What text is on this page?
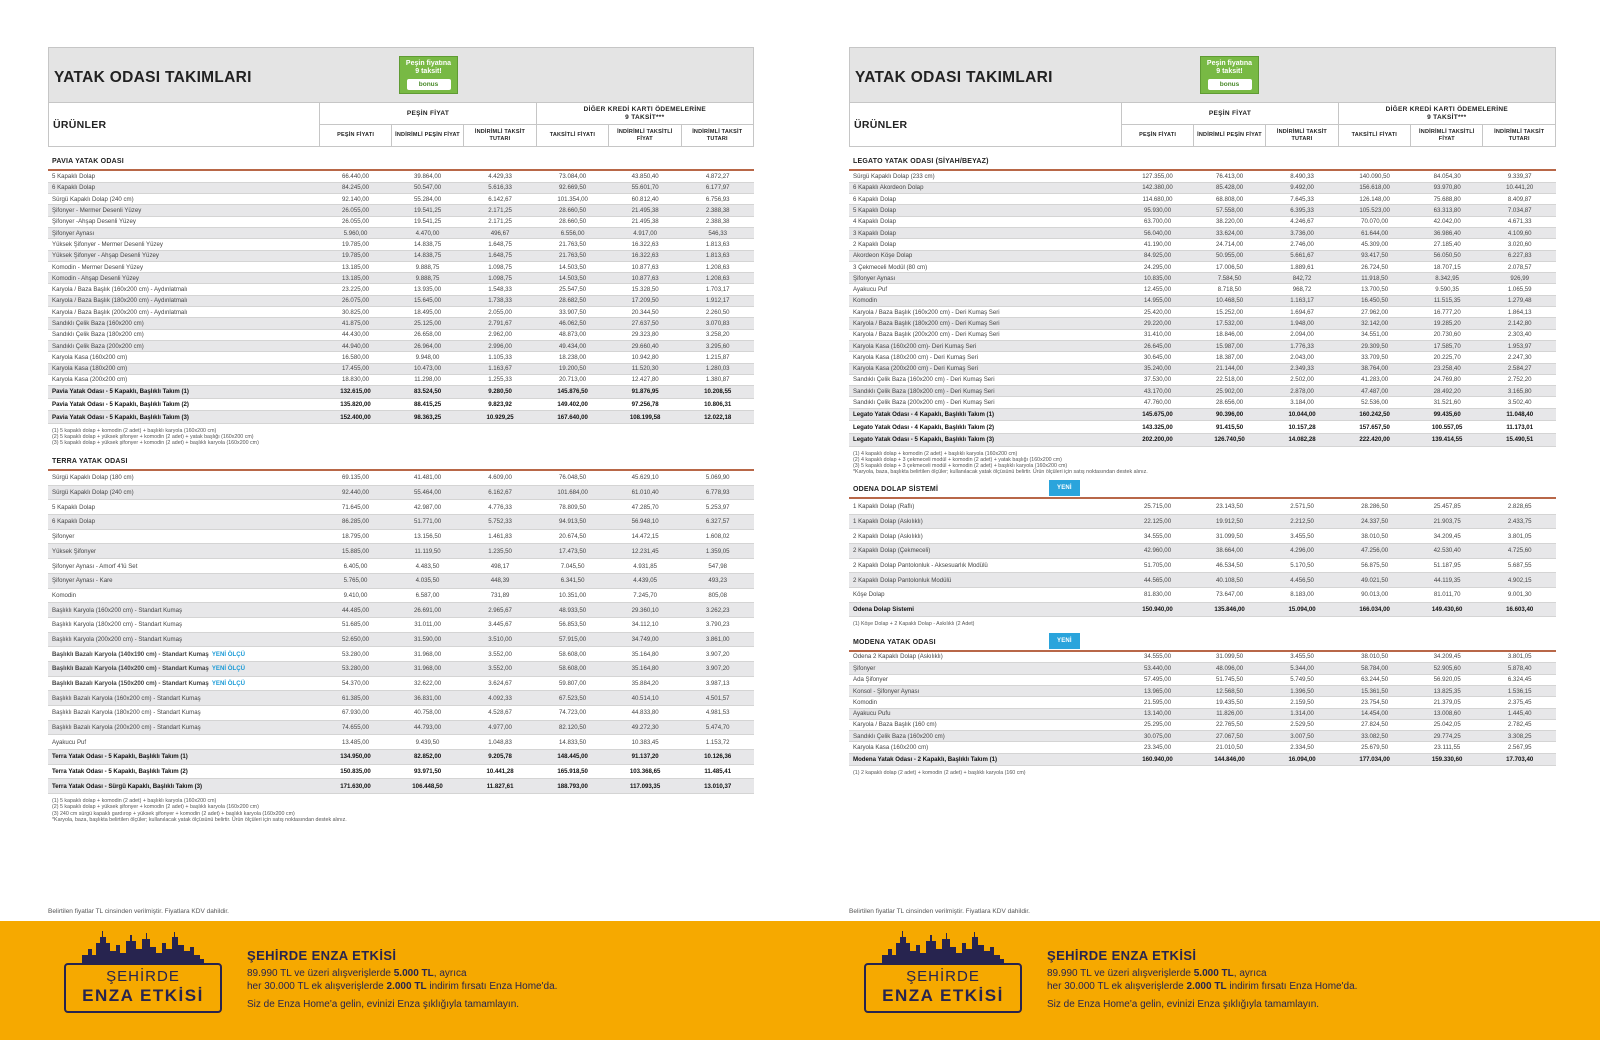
YATAK ODASI TAKIMLARI
Peşin fiyatına
9 taksit!
bonus
ÜRÜNLER	PEŞİN FİYAT			DİĞER KREDİ KARTI ÖDEMELERİNE
9 TAKSİT***		
	PEŞİN FİYATI	İNDİRİMLİ PEŞİN FİYAT	İNDİRİMLİ TAKSİT TUTARI	TAKSİTLİ FİYATI	İNDİRİMLİ TAKSİTLİ FİYAT	İNDİRİMLİ TAKSİT TUTARI
PAVIA YATAK ODASI
5 Kapaklı Dolap	66.440,00	39.864,00	4.429,33	73.084,00	43.850,40	4.872,27
6 Kapaklı Dolap	84.245,00	50.547,00	5.616,33	92.669,50	55.601,70	6.177,97
Sürgü Kapaklı Dolap (240 cm)	92.140,00	55.284,00	6.142,67	101.354,00	60.812,40	6.756,93
Şifonyer - Mermer Desenli Yüzey	26.055,00	19.541,25	2.171,25	28.660,50	21.495,38	2.388,38
Şifonyer -Ahşap Desenli Yüzey	26.055,00	19.541,25	2.171,25	28.660,50	21.495,38	2.388,38
Şifonyer Aynası	5.960,00	4.470,00	496,67	6.556,00	4.917,00	546,33
Yüksek Şifonyer - Mermer Desenli Yüzey	19.785,00	14.838,75	1.648,75	21.763,50	16.322,63	1.813,63
Yüksek Şifonyer - Ahşap Desenli Yüzey	19.785,00	14.838,75	1.648,75	21.763,50	16.322,63	1.813,63
Komodin - Mermer Desenli Yüzey	13.185,00	9.888,75	1.098,75	14.503,50	10.877,63	1.208,63
Komodin - Ahşap Desenli Yüzey	13.185,00	9.888,75	1.098,75	14.503,50	10.877,63	1.208,63
Karyola / Baza Başlık (160x200 cm) - Aydınlatmalı	23.225,00	13.935,00	1.548,33	25.547,50	15.328,50	1.703,17
Karyola / Baza Başlık (180x200 cm) - Aydınlatmalı	26.075,00	15.645,00	1.738,33	28.682,50	17.209,50	1.912,17
Karyola / Baza Başlık (200x200 cm) - Aydınlatmalı	30.825,00	18.495,00	2.055,00	33.907,50	20.344,50	2.260,50
Sandıklı Çelik Baza (160x200 cm)	41.875,00	25.125,00	2.791,67	46.062,50	27.637,50	3.070,83
Sandıklı Çelik Baza (180x200 cm)	44.430,00	26.658,00	2.962,00	48.873,00	29.323,80	3.258,20
Sandıklı Çelik Baza (200x200 cm)	44.940,00	26.964,00	2.996,00	49.434,00	29.660,40	3.295,60
Karyola Kasa (160x200 cm)	16.580,00	9.948,00	1.105,33	18.238,00	10.942,80	1.215,87
Karyola Kasa (180x200 cm)	17.455,00	10.473,00	1.163,67	19.200,50	11.520,30	1.280,03
Karyola Kasa (200x200 cm)	18.830,00	11.298,00	1.255,33	20.713,00	12.427,80	1.380,87
Pavia Yatak Odası - 5 Kapaklı, Başlıklı Takım (1)	132.615,00	83.524,50	9.280,50	145.876,50	91.876,95	10.208,55
Pavia Yatak Odası - 5 Kapaklı, Başlıklı Takım (2)	135.820,00	88.415,25	9.823,92	149.402,00	97.256,78	10.806,31
Pavia Yatak Odası - 5 Kapaklı, Başlıklı Takım (3)	152.400,00	98.363,25	10.929,25	167.640,00	108.199,58	12.022,18
(1) 5 kapaklı dolap + komodin (2 adet) + başlıklı karyola (160x200 cm)
(2) 5 kapaklı dolap + yüksek şifonyer + komodin (2 adet) + yatak başlığı (160x200 cm)
(3) 5 kapaklı dolap + yüksek şifonyer + komodin (2 adet) + başlıklı karyola (160x200 cm)
TERRA YATAK ODASI
Sürgü Kapaklı Dolap (180 cm)	69.135,00	41.481,00	4.609,00	76.048,50	45.629,10	5.069,90
Sürgü Kapaklı Dolap (240 cm)	92.440,00	55.464,00	6.162,67	101.684,00	61.010,40	6.778,93
5 Kapaklı Dolap	71.645,00	42.987,00	4.776,33	78.809,50	47.285,70	5.253,97
6 Kapaklı Dolap	86.285,00	51.771,00	5.752,33	94.913,50	56.948,10	6.327,57
Şifonyer	18.795,00	13.156,50	1.461,83	20.674,50	14.472,15	1.608,02
Yüksek Şifonyer	15.885,00	11.119,50	1.235,50	17.473,50	12.231,45	1.359,05
Şifonyer Aynası - Amorf 4'lü Set	6.405,00	4.483,50	498,17	7.045,50	4.931,85	547,98
Şifonyer Aynası - Kare	5.765,00	4.035,50	448,39	6.341,50	4.439,05	493,23
Komodin	9.410,00	6.587,00	731,89	10.351,00	7.245,70	805,08
Başlıklı Karyola (160x200 cm) - Standart Kumaş	44.485,00	26.691,00	2.965,67	48.933,50	29.360,10	3.262,23
Başlıklı Karyola (180x200 cm) - Standart Kumaş	51.685,00	31.011,00	3.445,67	56.853,50	34.112,10	3.790,23
Başlıklı Karyola (200x200 cm) - Standart Kumaş	52.650,00	31.590,00	3.510,00	57.915,00	34.749,00	3.861,00
Başlıklı Bazalı Karyola (140x190 cm) - Standart Kumaş YENİ ÖLÇÜ	53.280,00	31.968,00	3.552,00	58.608,00	35.164,80	3.907,20
Başlıklı Bazalı Karyola (140x200 cm) - Standart Kumaş YENİ ÖLÇÜ	53.280,00	31.968,00	3.552,00	58.608,00	35.164,80	3.907,20
Başlıklı Bazalı Karyola (150x200 cm) - Standart Kumaş YENİ ÖLÇÜ	54.370,00	32.622,00	3.624,67	59.807,00	35.884,20	3.987,13
Başlıklı Bazalı Karyola (160x200 cm) - Standart Kumaş	61.385,00	36.831,00	4.092,33	67.523,50	40.514,10	4.501,57
Başlıklı Bazalı Karyola (180x200 cm) - Standart Kumaş	67.930,00	40.758,00	4.528,67	74.723,00	44.833,80	4.981,53
Başlıklı Bazalı Karyola (200x200 cm) - Standart Kumaş	74.655,00	44.793,00	4.977,00	82.120,50	49.272,30	5.474,70
Ayakucu Puf	13.485,00	9.439,50	1.048,83	14.833,50	10.383,45	1.153,72
Terra Yatak Odası - 5 Kapaklı, Başlıklı Takım (1)	134.950,00	82.852,00	9.205,78	148.445,00	91.137,20	10.126,36
Terra Yatak Odası - 5 Kapaklı, Başlıklı Takım (2)	150.835,00	93.971,50	10.441,28	165.918,50	103.368,65	11.485,41
Terra Yatak Odası - Sürgü Kapaklı, Başlıklı Takım (3)	171.630,00	106.448,50	11.827,61	188.793,00	117.093,35	13.010,37
(1) 5 kapaklı dolap + komodin (2 adet) + başlıklı karyola (160x200 cm)
(2) 5 kapaklı dolap + yüksek şifonyer + komodin (2 adet) + başlıklı karyola (160x200 cm)
(3) 240 cm sürgü kapaklı gardırop + yüksek şifonyer + komodin (2 adet) + başlıklı karyola (160x200 cm)
*Karyola, baza, başlıkta belirtilen ölçüler; kullanılacak yatak ölçüsünü belirtir. Ürün ölçüleri için satış noktasından destek alınız.
YATAK ODASI TAKIMLARI
Peşin fiyatına
9 taksit!
bonus
ÜRÜNLER	PEŞİN FİYAT			DİĞER KREDİ KARTI ÖDEMELERİNE
9 TAKSİT***		
	PEŞİN FİYATI	İNDİRİMLİ PEŞİN FİYAT	İNDİRİMLİ TAKSİT TUTARI	TAKSİTLİ FİYATI	İNDİRİMLİ TAKSİTLİ FİYAT	İNDİRİMLİ TAKSİT TUTARI
LEGATO YATAK ODASI (SİYAH/BEYAZ)
Sürgü Kapaklı Dolap (233 cm)	127.355,00	76.413,00	8.490,33	140.090,50	84.054,30	9.339,37
6 Kapaklı Akordeon Dolap	142.380,00	85.428,00	9.492,00	156.618,00	93.970,80	10.441,20
6 Kapaklı Dolap	114.680,00	68.808,00	7.645,33	126.148,00	75.688,80	8.409,87
5 Kapaklı Dolap	95.930,00	57.558,00	6.395,33	105.523,00	63.313,80	7.034,87
4 Kapaklı Dolap	63.700,00	38.220,00	4.246,67	70.070,00	42.042,00	4.671,33
3 Kapaklı Dolap	56.040,00	33.624,00	3.736,00	61.644,00	36.986,40	4.109,60
2 Kapaklı Dolap	41.190,00	24.714,00	2.746,00	45.309,00	27.185,40	3.020,60
Akordeon Köşe Dolap	84.925,00	50.955,00	5.661,67	93.417,50	56.050,50	6.227,83
3 Çekmeceli Modül (80 cm)	24.295,00	17.006,50	1.889,61	26.724,50	18.707,15	2.078,57
Şifonyer Aynası	10.835,00	7.584,50	842,72	11.918,50	8.342,95	926,99
Ayakucu Puf	12.455,00	8.718,50	968,72	13.700,50	9.590,35	1.065,59
Komodin	14.955,00	10.468,50	1.163,17	16.450,50	11.515,35	1.279,48
Karyola / Baza Başlık (160x200 cm) - Deri Kumaş Seri	25.420,00	15.252,00	1.694,67	27.962,00	16.777,20	1.864,13
Karyola / Baza Başlık (180x200 cm) - Deri Kumaş Seri	29.220,00	17.532,00	1.948,00	32.142,00	19.285,20	2.142,80
Karyola / Baza Başlık (200x200 cm) - Deri Kumaş Seri	31.410,00	18.846,00	2.094,00	34.551,00	20.730,60	2.303,40
Karyola Kasa (160x200 cm)- Deri Kumaş Seri	26.645,00	15.987,00	1.776,33	29.309,50	17.585,70	1.953,97
Karyola Kasa (180x200 cm) - Deri Kumaş Seri	30.645,00	18.387,00	2.043,00	33.709,50	20.225,70	2.247,30
Karyola Kasa (200x200 cm) - Deri Kumaş Seri	35.240,00	21.144,00	2.349,33	38.764,00	23.258,40	2.584,27
Sandıklı Çelik Baza (160x200 cm) - Deri Kumaş Seri	37.530,00	22.518,00	2.502,00	41.283,00	24.769,80	2.752,20
Sandıklı Çelik Baza (180x200 cm) - Deri Kumaş Seri	43.170,00	25.902,00	2.878,00	47.487,00	28.492,20	3.165,80
Sandıklı Çelik Baza (200x200 cm) - Deri Kumaş Seri	47.760,00	28.656,00	3.184,00	52.536,00	31.521,60	3.502,40
Legato Yatak Odası - 4 Kapaklı, Başlıklı Takım (1)	145.675,00	90.396,00	10.044,00	160.242,50	99.435,60	11.048,40
Legato Yatak Odası - 4 Kapaklı, Başlıklı Takım (2)	143.325,00	91.415,50	10.157,28	157.657,50	100.557,05	11.173,01
Legato Yatak Odası - 5 Kapaklı, Başlıklı Takım (3)	202.200,00	126.740,50	14.082,28	222.420,00	139.414,55	15.490,51
(1) 4 kapaklı dolap + komodin (2 adet) + başlıklı karyola (160x200 cm)
(2) 4 kapaklı dolap + 3 çekmeceli modül + komodin (2 adet) + yatak başlığı (160x200 cm)
(3) 5 kapaklı dolap + 3 çekmeceli modül + komodin (2 adet) + başlıklı karyola (160x200 cm)
*Karyola, baza, başlıkta belirtilen ölçüler; kullanılacak yatak ölçüsünü belirtir. Ürün ölçüleri için satış noktasından destek alınız.
ODENA DOLAP SİSTEMİ	YENİ
1 Kapaklı Dolap (Raflı)	25.715,00	23.143,50	2.571,50	28.286,50	25.457,85	2.828,65
1 Kapaklı Dolap (Askılıklı)	22.125,00	19.912,50	2.212,50	24.337,50	21.903,75	2.433,75
2 Kapaklı Dolap (Askılıklı)	34.555,00	31.099,50	3.455,50	38.010,50	34.209,45	3.801,05
2 Kapaklı Dolap (Çekmeceli)	42.960,00	38.664,00	4.296,00	47.256,00	42.530,40	4.725,60
2 Kapaklı Dolap Pantolonluk - Aksesuarlık Modülü	51.705,00	46.534,50	5.170,50	56.875,50	51.187,95	5.687,55
2 Kapaklı Dolap Pantolonluk Modülü	44.565,00	40.108,50	4.456,50	49.021,50	44.119,35	4.902,15
Köşe Dolap	81.830,00	73.647,00	8.183,00	90.013,00	81.011,70	9.001,30
Odena Dolap Sistemi	150.940,00	135.846,00	15.094,00	166.034,00	149.430,60	16.603,40
(1) Köşe Dolap + 2 Kapaklı Dolap - Askılıklı (2 Adet)
MODENA YATAK ODASI	YENİ
Odena 2 Kapaklı Dolap (Askılıklı)	34.555,00	31.099,50	3.455,50	38.010,50	34.209,45	3.801,05
Şifonyer	53.440,00	48.096,00	5.344,00	58.784,00	52.905,60	5.878,40
Ada Şifonyer	57.495,00	51.745,50	5.749,50	63.244,50	56.920,05	6.324,45
Konsol - Şifonyer Aynası	13.965,00	12.568,50	1.396,50	15.361,50	13.825,35	1.536,15
Komodin	21.595,00	19.435,50	2.159,50	23.754,50	21.379,05	2.375,45
Ayakucu Pufu	13.140,00	11.826,00	1.314,00	14.454,00	13.008,60	1.445,40
Karyola / Baza Başlık (160 cm)	25.295,00	22.765,50	2.529,50	27.824,50	25.042,05	2.782,45
Sandıklı Çelik Baza (160x200 cm)	30.075,00	27.067,50	3.007,50	33.082,50	29.774,25	3.308,25
Karyola Kasa (160x200 cm)	23.345,00	21.010,50	2.334,50	25.679,50	23.111,55	2.567,95
Modena Yatak Odası - 2 Kapaklı, Başlıklı Takım (1)	160.940,00	144.846,00	16.094,00	177.034,00	159.330,60	17.703,40
(1) 2 kapaklı dolap (2 adet) + komodin (2 adet) + başlıklı karyola (160 cm)
Belirtilen fiyatlar TL cinsinden verilmiştir. Fiyatlara KDV dahildir.	Belirtilen fiyatlar TL cinsinden verilmiştir. Fiyatlara KDV dahildir.
ŞEHİRDE
ENZA ETKİSİ
ŞEHİRDE ENZA ETKİSİ
89.990 TL ve üzeri alışverişlerde 5.000 TL, ayrıca
her 30.000 TL ek alışverişlerde 2.000 TL indirim fırsatı Enza Home'da.
Siz de Enza Home'a gelin, evinizi Enza şıklığıyla tamamlayın.
ŞEHİRDE
ENZA ETKİSİ
ŞEHİRDE ENZA ETKİSİ
89.990 TL ve üzeri alışverişlerde 5.000 TL, ayrıca
her 30.000 TL ek alışverişlerde 2.000 TL indirim fırsatı Enza Home'da.
Siz de Enza Home'a gelin, evinizi Enza şıklığıyla tamamlayın.
